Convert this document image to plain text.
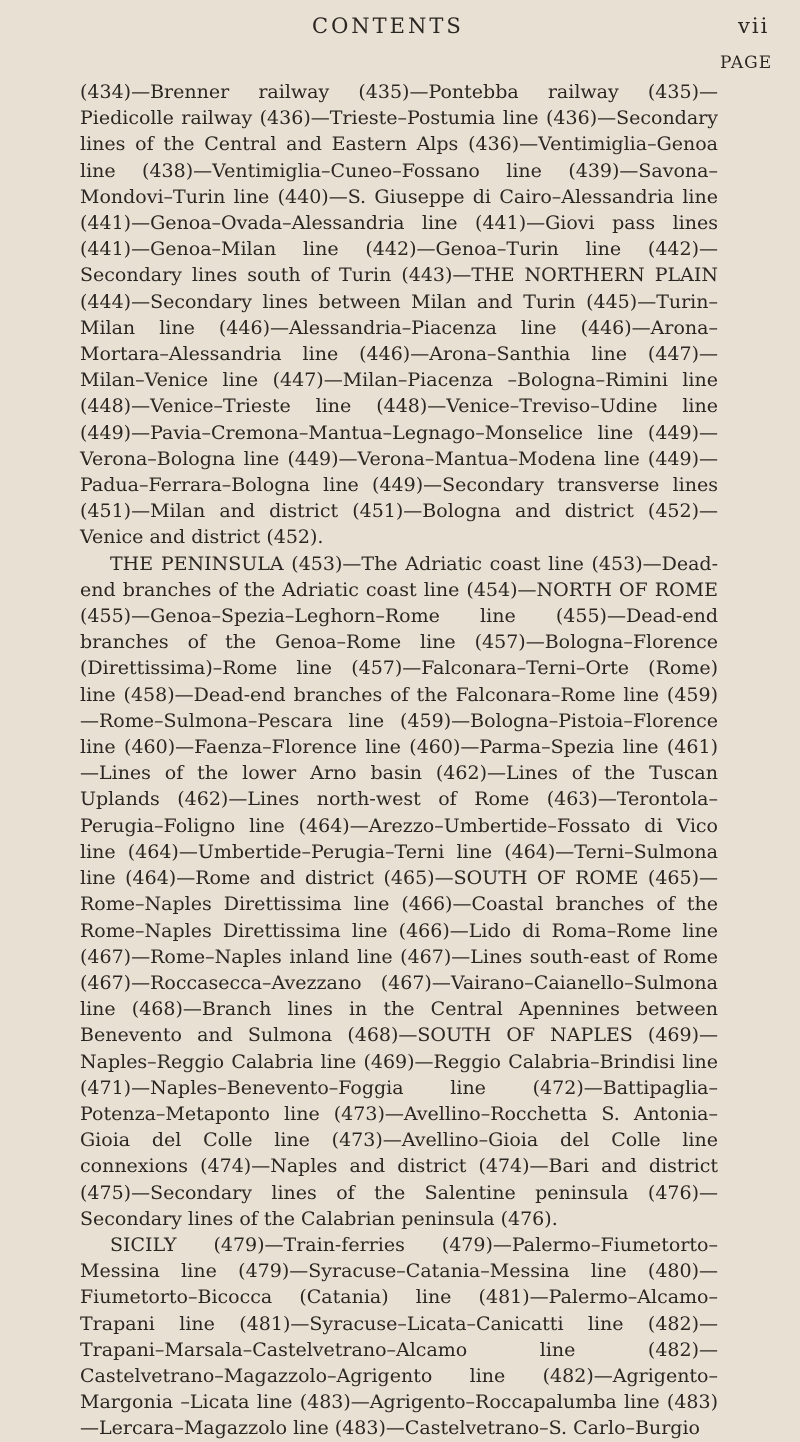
CONTENTS	vii
PAGE

(434)—Brenner railway (435)—Pontebba railway (435)—Piedicolle railway (436)—Trieste–Postumia line (436)—Secondary lines of the Central and Eastern Alps (436)—Ventimiglia–Genoa line (438)—Ventimiglia–Cuneo–Fossano line (439)—Savona–Mondovi–Turin line (440)—S. Giuseppe di Cairo–Alessandria line (441)—Genoa–Ovada–Alessandria line (441)—Giovi pass lines (441)—Genoa–Milan line (442)—Genoa–Turin line (442)—Secondary lines south of Turin (443)—THE NORTHERN PLAIN (444)—Secondary lines between Milan and Turin (445)—Turin–Milan line (446)—Alessandria–Piacenza line (446)—Arona–Mortara–Alessandria line (446)—Arona–Santhia line (447)—Milan–Venice line (447)—Milan–Piacenza –Bologna–Rimini line (448)—Venice–Trieste line (448)—Venice–Treviso–Udine line (449)—Pavia–Cremona–Mantua–Legnago–Monselice line (449)—Verona–Bologna line (449)—Verona–Mantua–Modena line (449)—Padua–Ferrara–Bologna line (449)—Secondary transverse lines (451)—Milan and district (451)—Bologna and district (452)—Venice and district (452).

THE PENINSULA (453)—The Adriatic coast line (453)—Dead-end branches of the Adriatic coast line (454)—NORTH OF ROME (455)—Genoa–Spezia–Leghorn–Rome line (455)—Dead-end branches of the Genoa–Rome line (457)—Bologna–Florence (Direttissima)–Rome line (457)—Falconara–Terni–Orte (Rome) line (458)—Dead-end branches of the Falconara–Rome line (459)—Rome–Sulmona–Pescara line (459)—Bologna–Pistoia–Florence line (460)—Faenza–Florence line (460)—Parma–Spezia line (461)—Lines of the lower Arno basin (462)—Lines of the Tuscan Uplands (462)—Lines north-west of Rome (463)—Terontola–Perugia–Foligno line (464)—Arezzo–Umbertide–Fossato di Vico line (464)—Umbertide–Perugia–Terni line (464)—Terni–Sulmona line (464)—Rome and district (465)—SOUTH OF ROME (465)—Rome–Naples Direttissima line (466)—Coastal branches of the Rome–Naples Direttissima line (466)—Lido di Roma–Rome line (467)—Rome–Naples inland line (467)—Lines south-east of Rome (467)—Roccasecca–Avezzano (467)—Vairano–Caianello–Sulmona line (468)—Branch lines in the Central Apennines between Benevento and Sulmona (468)—SOUTH OF NAPLES (469)—Naples–Reggio Calabria line (469)—Reggio Calabria–Brindisi line (471)—Naples–Benevento–Foggia line (472)—Battipaglia–Potenza–Metaponto line (473)—Avellino–Rocchetta S. Antonia–Gioia del Colle line (473)—Avellino–Gioia del Colle line connexions (474)—Naples and district (474)—Bari and district (475)—Secondary lines of the Salentine peninsula (476)—Secondary lines of the Calabrian peninsula (476).

SICILY (479)—Train-ferries (479)—Palermo–Fiumetorto–Messina line (479)—Syracuse–Catania–Messina line (480)—Fiumetorto–Bicocca (Catania) line (481)—Palermo–Alcamo–Trapani line (481)—Syracuse–Licata–Canicatti line (482)—Trapani–Marsala–Castelvetrano–Alcamo line (482)—Castelvetrano–Magazzolo–Agrigento line (482)—Agrigento–Margonia –Licata line (483)—Agrigento–Roccapalumba line (483)—Lercara–Magazzolo line (483)—Castelvetrano–S. Carlo–Burgio
